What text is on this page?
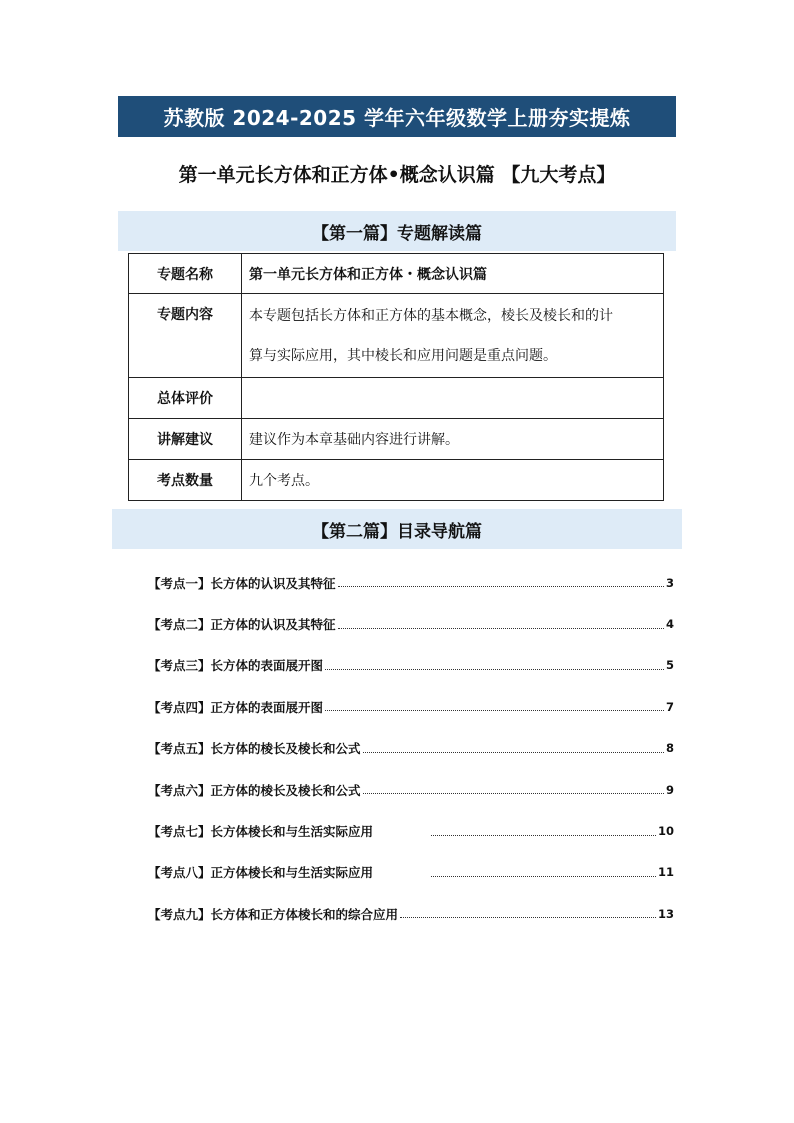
苏教版 2024-2025 学年六年级数学上册夯实提炼
第一单元长方体和正方体•概念认识篇 【九大考点】
【第一篇】专题解读篇
专题名称	第一单元长方体和正方体・概念认识篇
专题内容	本专题包括长方体和正方体的基本概念，棱长及棱长和的计
算与实际应用，其中棱长和应用问题是重点问题。

总体评价	
讲解建议	建议作为本章基础内容进行讲解。
考点数量	九个考点。
【第二篇】目录导航篇
【考点一】长方体的认识及其特征	3
【考点二】正方体的认识及其特征	4
【考点三】长方体的表面展开图	5
【考点四】正方体的表面展开图	7
【考点五】长方体的棱长及棱长和公式	8
【考点六】正方体的棱长及棱长和公式	9
【考点七】长方体棱长和与生活实际应用	10
【考点八】正方体棱长和与生活实际应用	11
【考点九】长方体和正方体棱长和的综合应用	13
